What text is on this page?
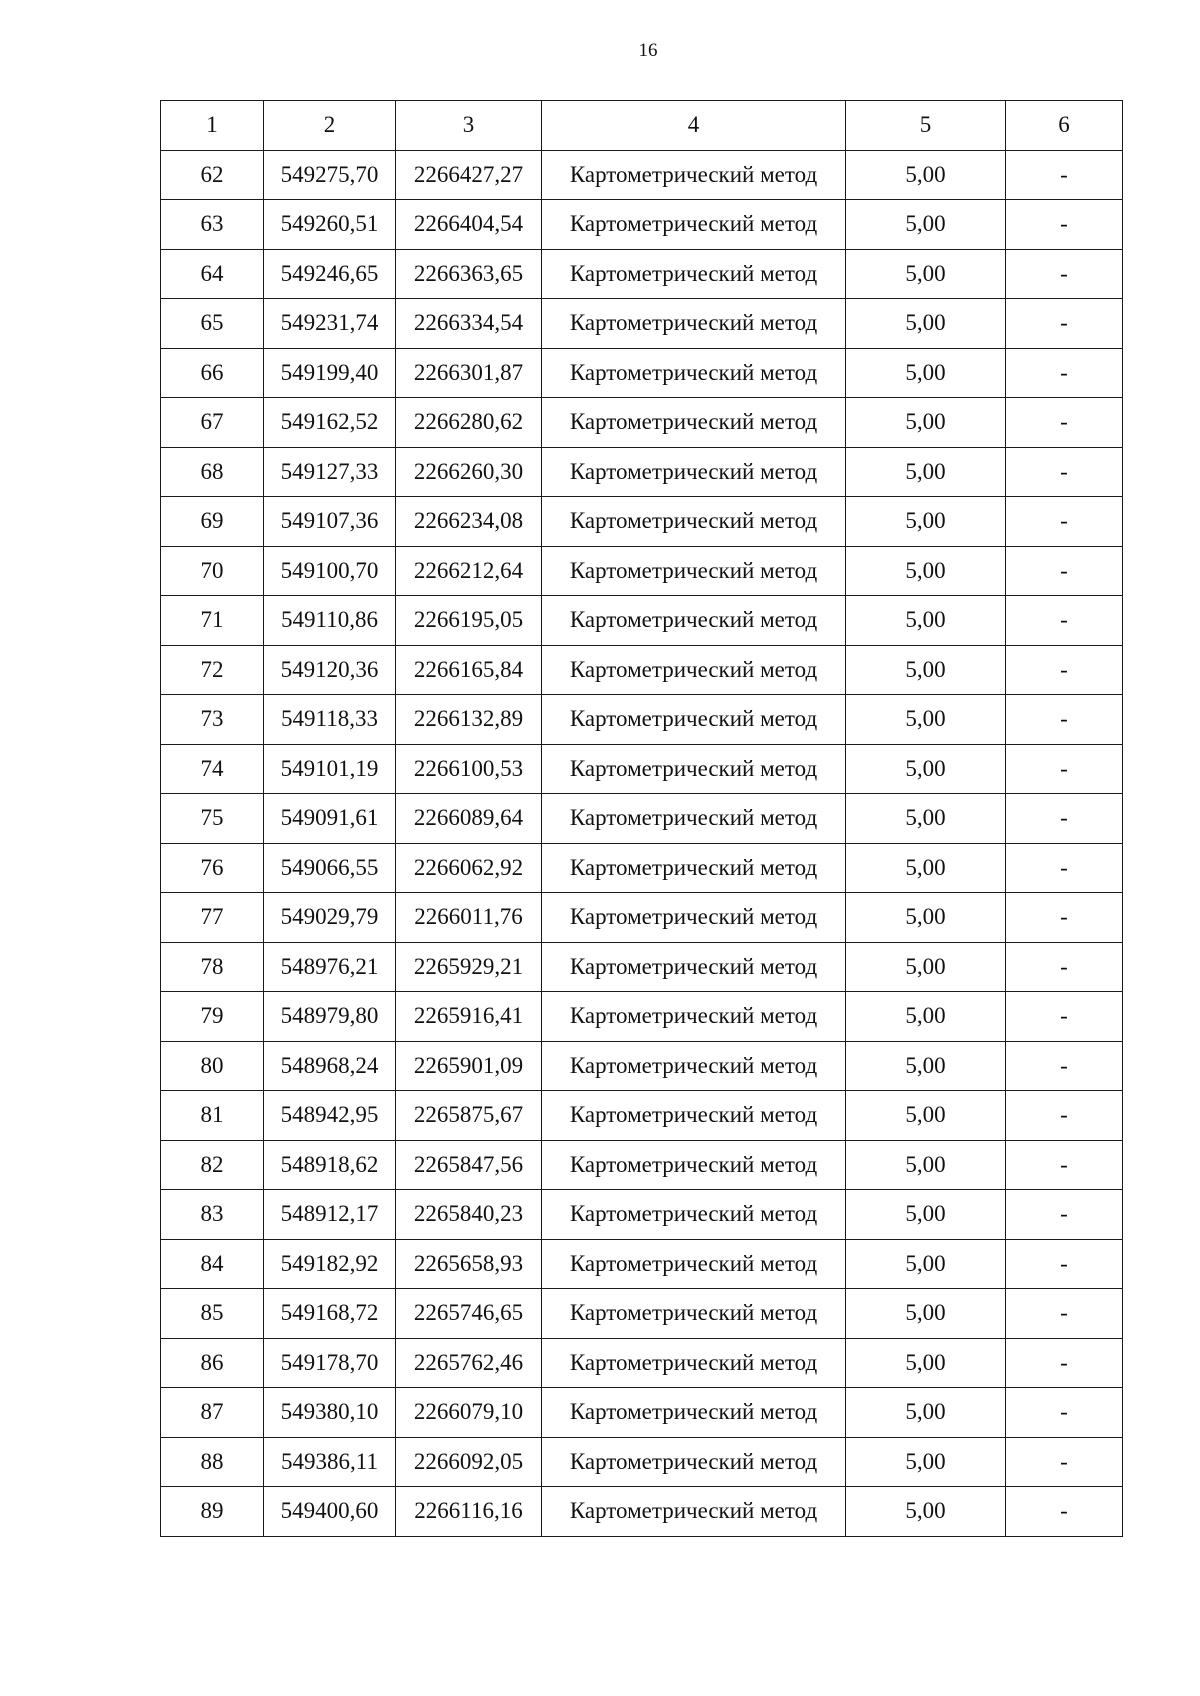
16
1	2	3	4	5	6
62	549275,70	2266427,27	Картометрический метод	5,00	-
63	549260,51	2266404,54	Картометрический метод	5,00	-
64	549246,65	2266363,65	Картометрический метод	5,00	-
65	549231,74	2266334,54	Картометрический метод	5,00	-
66	549199,40	2266301,87	Картометрический метод	5,00	-
67	549162,52	2266280,62	Картометрический метод	5,00	-
68	549127,33	2266260,30	Картометрический метод	5,00	-
69	549107,36	2266234,08	Картометрический метод	5,00	-
70	549100,70	2266212,64	Картометрический метод	5,00	-
71	549110,86	2266195,05	Картометрический метод	5,00	-
72	549120,36	2266165,84	Картометрический метод	5,00	-
73	549118,33	2266132,89	Картометрический метод	5,00	-
74	549101,19	2266100,53	Картометрический метод	5,00	-
75	549091,61	2266089,64	Картометрический метод	5,00	-
76	549066,55	2266062,92	Картометрический метод	5,00	-
77	549029,79	2266011,76	Картометрический метод	5,00	-
78	548976,21	2265929,21	Картометрический метод	5,00	-
79	548979,80	2265916,41	Картометрический метод	5,00	-
80	548968,24	2265901,09	Картометрический метод	5,00	-
81	548942,95	2265875,67	Картометрический метод	5,00	-
82	548918,62	2265847,56	Картометрический метод	5,00	-
83	548912,17	2265840,23	Картометрический метод	5,00	-
84	549182,92	2265658,93	Картометрический метод	5,00	-
85	549168,72	2265746,65	Картометрический метод	5,00	-
86	549178,70	2265762,46	Картометрический метод	5,00	-
87	549380,10	2266079,10	Картометрический метод	5,00	-
88	549386,11	2266092,05	Картометрический метод	5,00	-
89	549400,60	2266116,16	Картометрический метод	5,00	-
